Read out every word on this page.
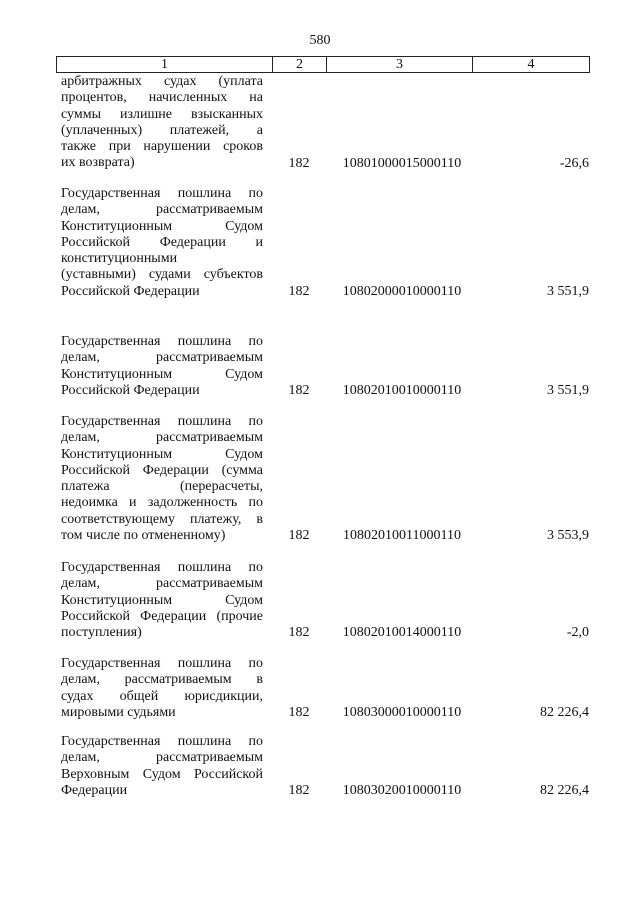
580
1	2	3	4
арбитражных судах (уплата
процентов, начисленных на
суммы излишне взысканных
(уплаченных) платежей, а
также при нарушении сроков
их возврата)	182	10801000015000110	-26,6
Государственная пошлина по
делам, рассматриваемым
Конституционным Судом
Российской Федерации и
конституционными
(уставными) судами субъектов
Российской Федерации	182	10802000010000110	3 551,9
Государственная пошлина по
делам, рассматриваемым
Конституционным Судом
Российской Федерации	182	10802010010000110	3 551,9
Государственная пошлина по
делам, рассматриваемым
Конституционным Судом
Российской Федерации (сумма
платежа (перерасчеты,
недоимка и задолженность по
соответствующему платежу, в
том числе по отмененному)	182	10802010011000110	3 553,9
Государственная пошлина по
делам, рассматриваемым
Конституционным Судом
Российской Федерации (прочие
поступления)	182	10802010014000110	-2,0
Государственная пошлина по
делам, рассматриваемым в
судах общей юрисдикции,
мировыми судьями	182	10803000010000110	82 226,4
Государственная пошлина по
делам, рассматриваемым
Верховным Судом Российской
Федерации	182	10803020010000110	82 226,4
